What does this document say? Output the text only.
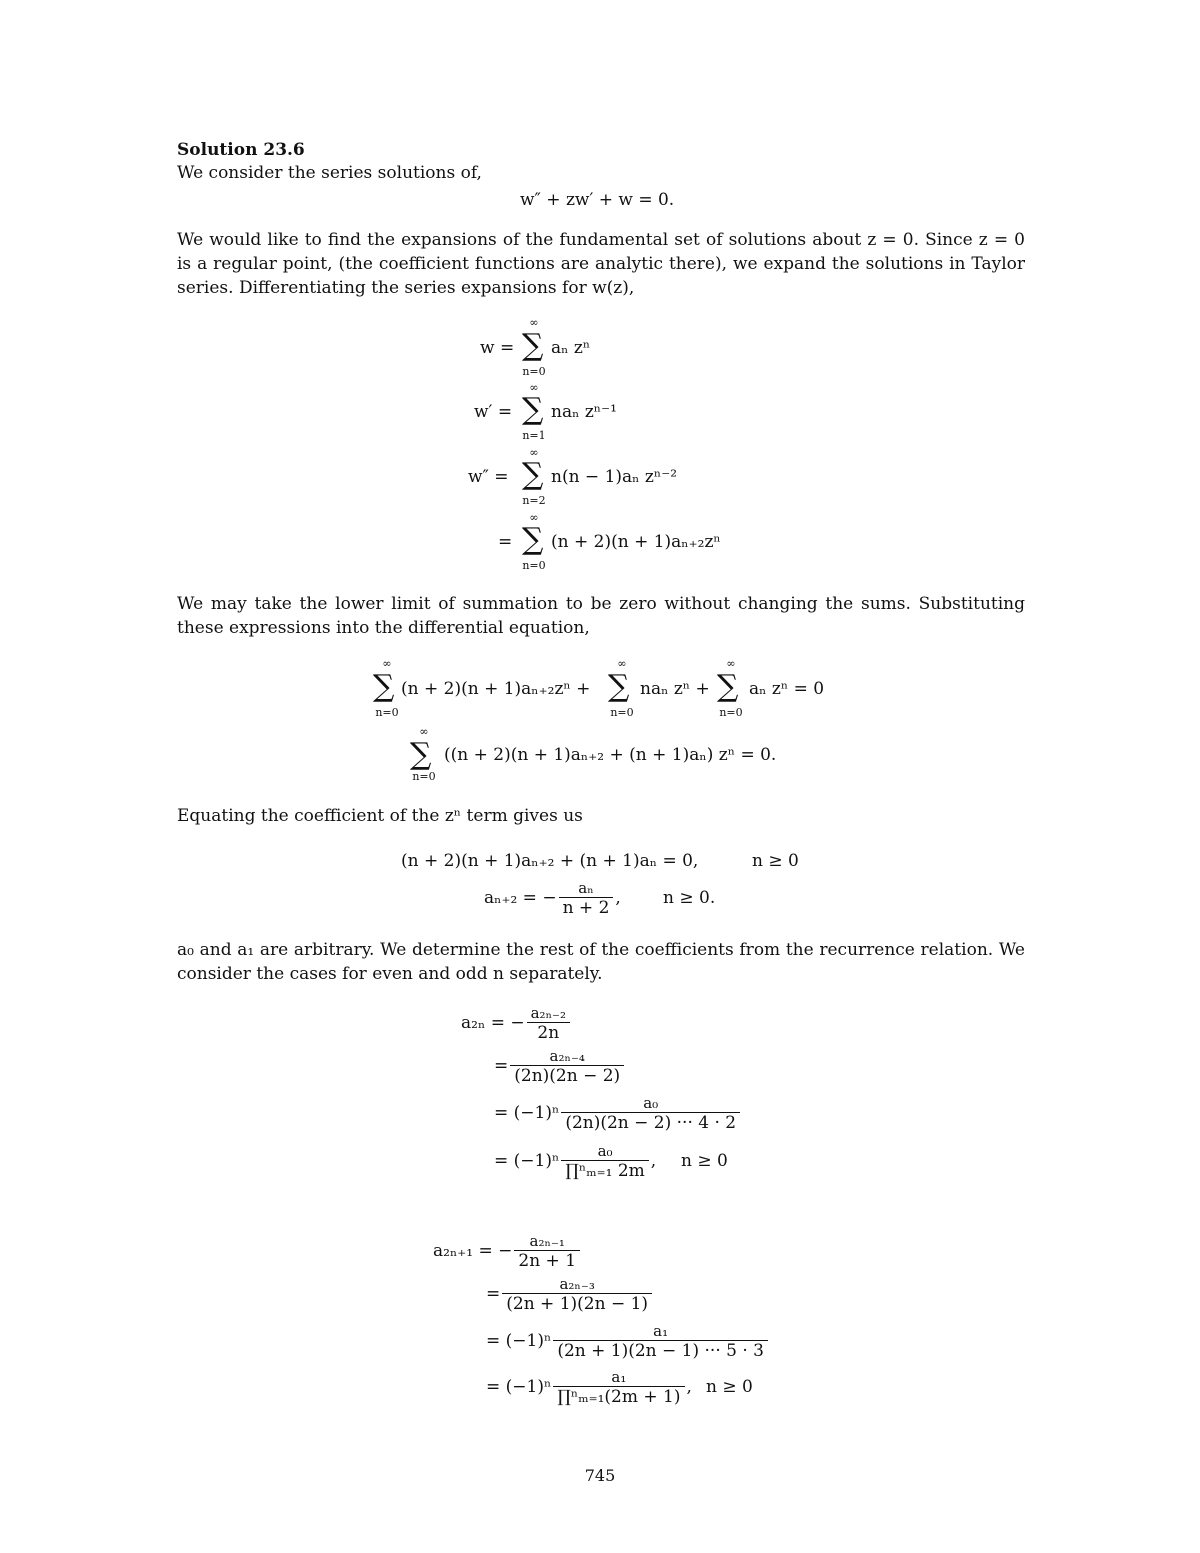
Solution 23.6
We consider the series solutions of,
w″ + zw′ + w = 0.
We would like to find the expansions of the fundamental set of solutions about z = 0. Since z = 0 is a regular point, (the coefficient functions are analytic there), we expand the solutions in Taylor series. Differentiating the series expansions for w(z),
w =
∞
∑
n=0
aₙ zⁿ
w′ =
∞
∑
n=1
naₙ zⁿ⁻¹
w″ =
∞
∑
n=2
n(n − 1)aₙ zⁿ⁻²
=
∞
∑
n=0
(n + 2)(n + 1)aₙ₊₂zⁿ
We may take the lower limit of summation to be zero without changing the sums. Substituting these expressions into the differential equation,
∞
∑
n=0
(n + 2)(n + 1)aₙ₊₂zⁿ +
∞
∑
n=0
naₙ zⁿ +
∞
∑
n=0
aₙ zⁿ = 0
∞
∑
n=0
((n + 2)(n + 1)aₙ₊₂ + (n + 1)aₙ) zⁿ = 0.
Equating the coefficient of the zⁿ term gives us
(n + 2)(n + 1)aₙ₊₂ + (n + 1)aₙ = 0,	n ≥ 0
aₙ₊₂ = − $\frac{\text{aₙ}}{n + 2}$ , n ≥ 0.
a₀ and a₁ are arbitrary. We determine the rest of the coefficients from the recurrence relation. We consider the cases for even and odd n separately.
a₂ₙ = − $\frac{\text{a₂ₙ₋₂}}{2n}$
= $\frac{\text{a₂ₙ₋₄}}{(2n)(2n - 2)}$
= $(-1)^n \frac{\text{a₀}}{(2n)(2n - 2) \cdot\cdot\cdot 4 \cdot 2}$
= $(-1)^n \frac{\text{a₀}}{\text{∏ⁿₘ₌₁ 2m}}$ , n ≥ 0
a₂ₙ₊₁ = − $\frac{\text{a₂ₙ₋₁}}{2n + 1}$
= $\frac{\text{a₂ₙ₋₃}}{(2n + 1)(2n - 1)}$
= $(-1)^n \frac{\text{a₁}}{(2n + 1)(2n - 1) \cdot\cdot\cdot 5 \cdot 3}$
= $(-1)^n \frac{\text{a₁}}{\text{∏ⁿₘ₌₁(2m + 1)}}$ , n ≥ 0
745
